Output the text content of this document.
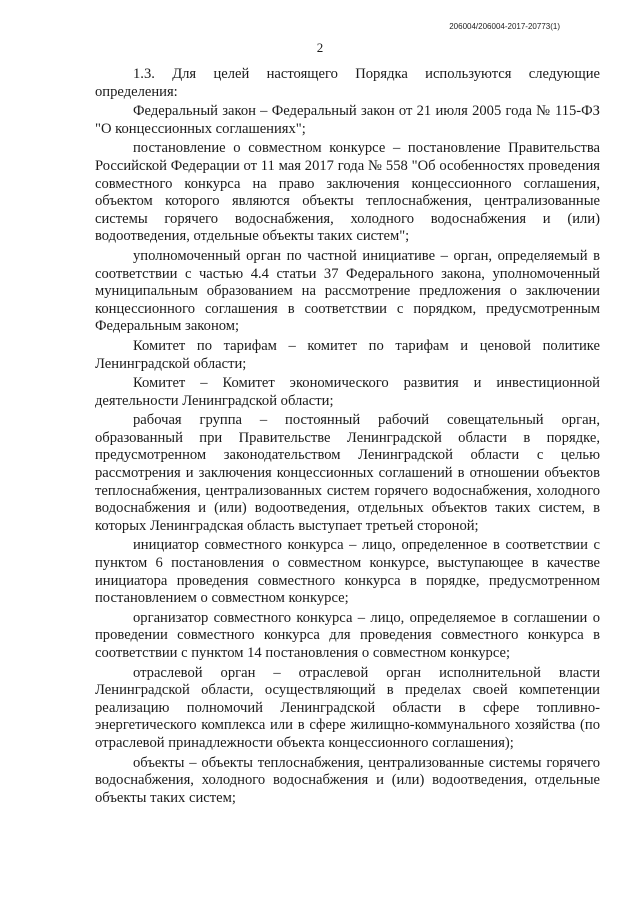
206004/206004-2017-20773(1)
2

1.3. Для целей настоящего Порядка используются следующие определения:

Федеральный закон – Федеральный закон от 21 июля 2005 года № 115-ФЗ "О концессионных соглашениях";

постановление о совместном конкурсе – постановление Правительства Российской Федерации от 11 мая 2017 года № 558 "Об особенностях проведения совместного конкурса на право заключения концессионного соглашения, объектом которого являются объекты теплоснабжения, централизованные системы горячего водоснабжения, холодного водоснабжения и (или) водоотведения, отдельные объекты таких систем";

уполномоченный орган по частной инициативе – орган, определяемый в соответствии с частью 4.4 статьи 37 Федерального закона, уполномоченный муниципальным образованием на рассмотрение предложения о заключении концессионного соглашения в соответствии с порядком, предусмотренным Федеральным законом;

Комитет по тарифам – комитет по тарифам и ценовой политике Ленинградской области;

Комитет – Комитет экономического развития и инвестиционной деятельности Ленинградской области;

рабочая группа – постоянный рабочий совещательный орган, образованный при Правительстве Ленинградской области в порядке, предусмотренном законодательством Ленинградской области с целью рассмотрения и заключения концессионных соглашений в отношении объектов теплоснабжения, централизованных систем горячего водоснабжения, холодного водоснабжения и (или) водоотведения, отдельных объектов таких систем, в которых Ленинградская область выступает третьей стороной;

инициатор совместного конкурса – лицо, определенное в соответствии с пунктом 6 постановления о совместном конкурсе, выступающее в качестве инициатора проведения совместного конкурса в порядке, предусмотренном постановлением о совместном конкурсе;

организатор совместного конкурса – лицо, определяемое в соглашении о проведении совместного конкурса для проведения совместного конкурса в соответствии с пунктом 14 постановления о совместном конкурсе;

отраслевой орган – отраслевой орган исполнительной власти Ленинградской области, осуществляющий в пределах своей компетенции реализацию полномочий Ленинградской области в сфере топливно-энергетического комплекса или в сфере жилищно-коммунального хозяйства (по отраслевой принадлежности объекта концессионного соглашения);

объекты – объекты теплоснабжения, централизованные системы горячего водоснабжения, холодного водоснабжения и (или) водоотведения, отдельные объекты таких систем;
